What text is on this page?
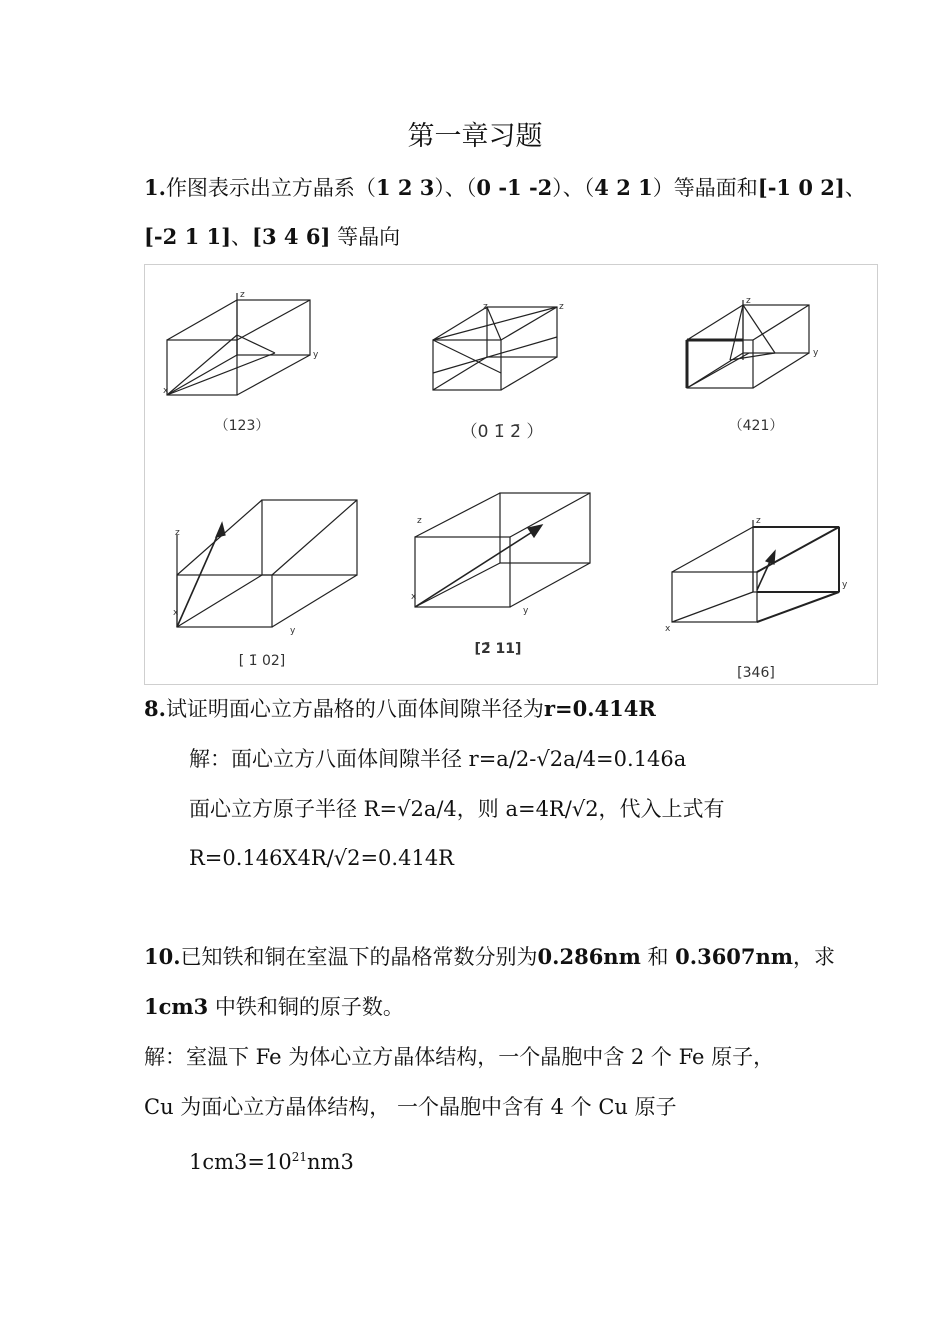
第一章习题
1.作图表示出立方晶系（1 2 3）、（0 -1 -2）、（4 2 1）等晶面和[-1 0 2]、
[-2 1 1]、[3 4 6] 等晶向
z
y
x
z	z
z
y
z
x
y
z
x
y
z
y
x
（123）	（0 1̄ 2̄ ）	（421）
[ 1̄ 02]
[2̄ 11]
[346]
8.试证明面心立方晶格的八面体间隙半径为r=0.414R
解：面心立方八面体间隙半径 r=a/2-√2a/4=0.146a
面心立方原子半径 R=√2a/4，则 a=4R/√2，代入上式有
R=0.146X4R/√2=0.414R
10.已知铁和铜在室温下的晶格常数分别为0.286nm 和 0.3607nm，求
1cm3 中铁和铜的原子数。
解：室温下 Fe 为体心立方晶体结构，一个晶胞中含 2 个 Fe 原子，
Cu 为面心立方晶体结构， 一个晶胞中含有 4 个 Cu 原子
$1cm3=10^{21}nm3$
